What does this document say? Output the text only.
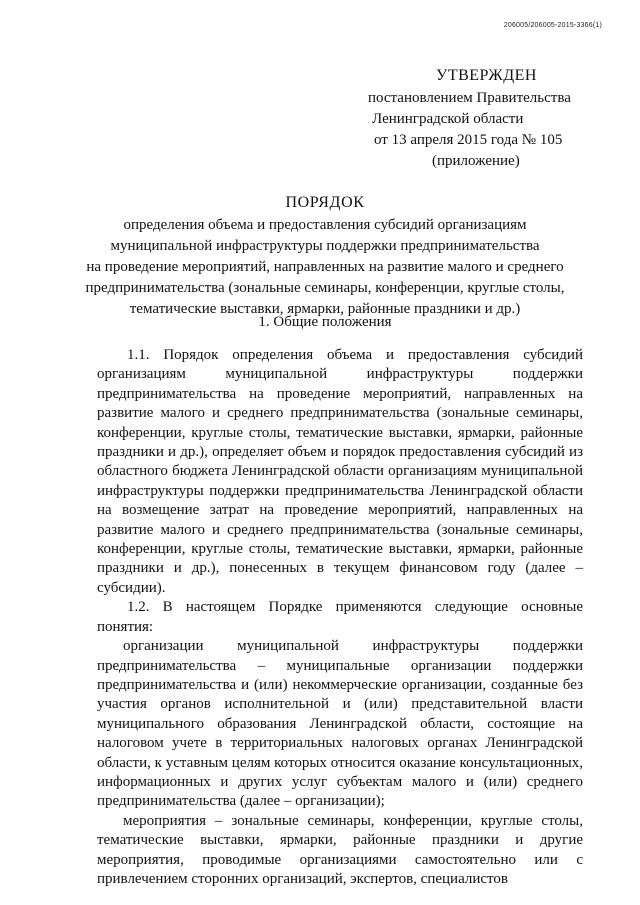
206005/206005-2015-3366(1)
УТВЕРЖДЕН
постановлением Правительства
Ленинградской области
от 13 апреля 2015 года № 105
(приложение)
ПОРЯДОК
определения объема и предоставления субсидий организациям
муниципальной инфраструктуры поддержки предпринимательства
на проведение мероприятий, направленных на развитие малого и среднего
предпринимательства (зональные семинары, конференции, круглые столы,
тематические выставки, ярмарки, районные праздники и др.)
1. Общие положения

1.1. Порядок определения объема и предоставления субсидий организациям муниципальной инфраструктуры поддержки предпринимательства на проведение мероприятий, направленных на развитие малого и среднего предпринимательства (зональные семинары, конференции, круглые столы, тематические выставки, ярмарки, районные праздники и др.), определяет объем и порядок предоставления субсидий из областного бюджета Ленинградской области организациям муниципальной инфраструктуры поддержки предпринимательства Ленинградской области на возмещение затрат на проведение мероприятий, направленных на развитие малого и среднего предпринимательства (зональные семинары, конференции, круглые столы, тематические выставки, ярмарки, районные праздники и др.), понесенных в текущем финансовом году (далее – субсидии).

1.2. В настоящем Порядке применяются следующие основные понятия:

организации муниципальной инфраструктуры поддержки предпринимательства – муниципальные организации поддержки предпринимательства и (или) некоммерческие организации, созданные без участия органов исполнительной и (или) представительной власти муниципального образования Ленинградской области, состоящие на налоговом учете в территориальных налоговых органах Ленинградской области, к уставным целям которых относится оказание консультационных, информационных и других услуг субъектам малого и (или) среднего предпринимательства (далее – организации);

мероприятия – зональные семинары, конференции, круглые столы, тематические выставки, ярмарки, районные праздники и другие мероприятия, проводимые организациями самостоятельно или с привлечением сторонних организаций, экспертов, специалистов
